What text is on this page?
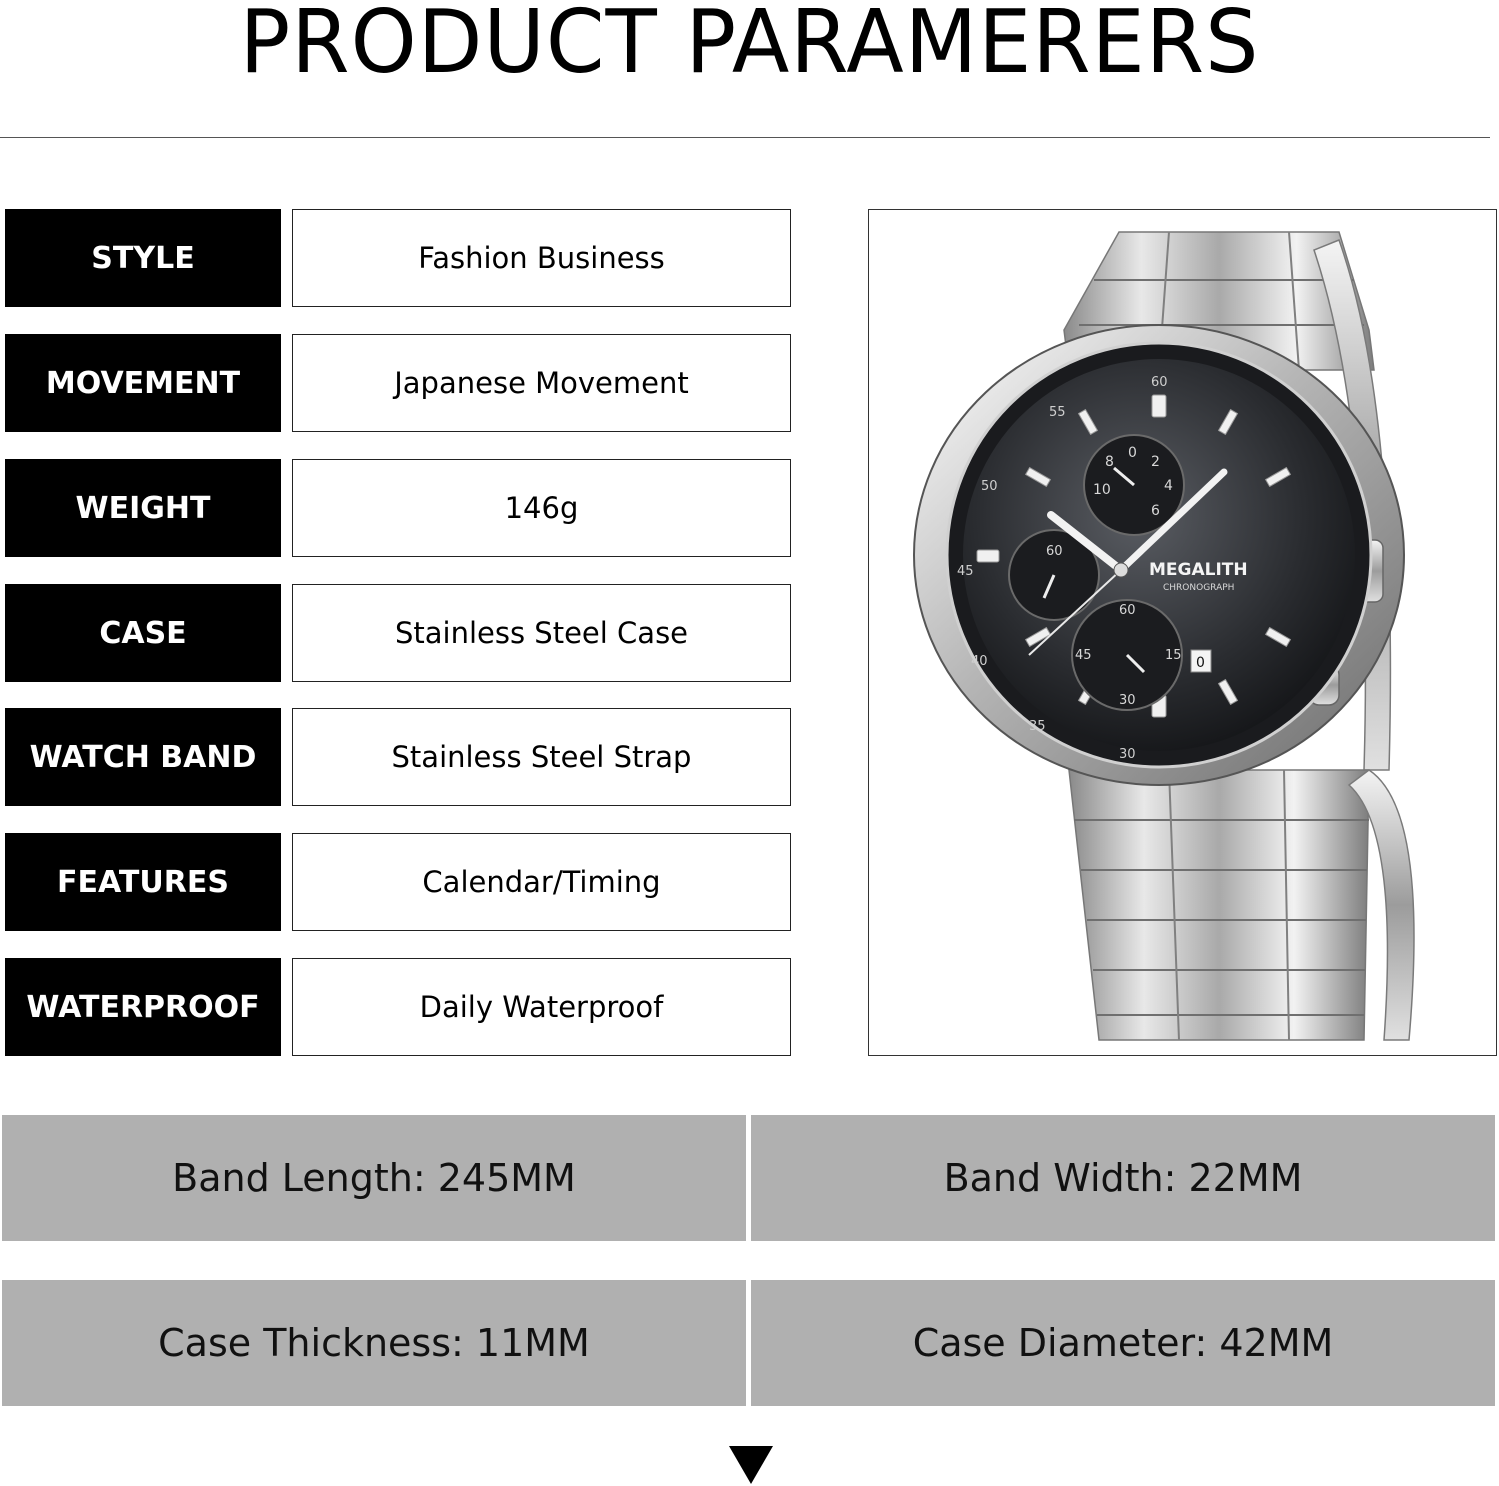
PRODUCT PARAMERERS
STYLE	Fashion Business
MOVEMENT	Japanese Movement
WEIGHT	146g
CASE	Stainless Steel Case
WATCH BAND	Stainless Steel Strap
FEATURES	Calendar/Timing
WATERPROOF	Daily Waterproof
60
55
50
45
40
35
30
0
2
4
6
8
10
60
60
15
30
45
MEGALITH
CHRONOGRAPH
0
Band Length: 245MM	Band Width: 22MM
Case Thickness: 11MM	Case Diameter: 42MM
